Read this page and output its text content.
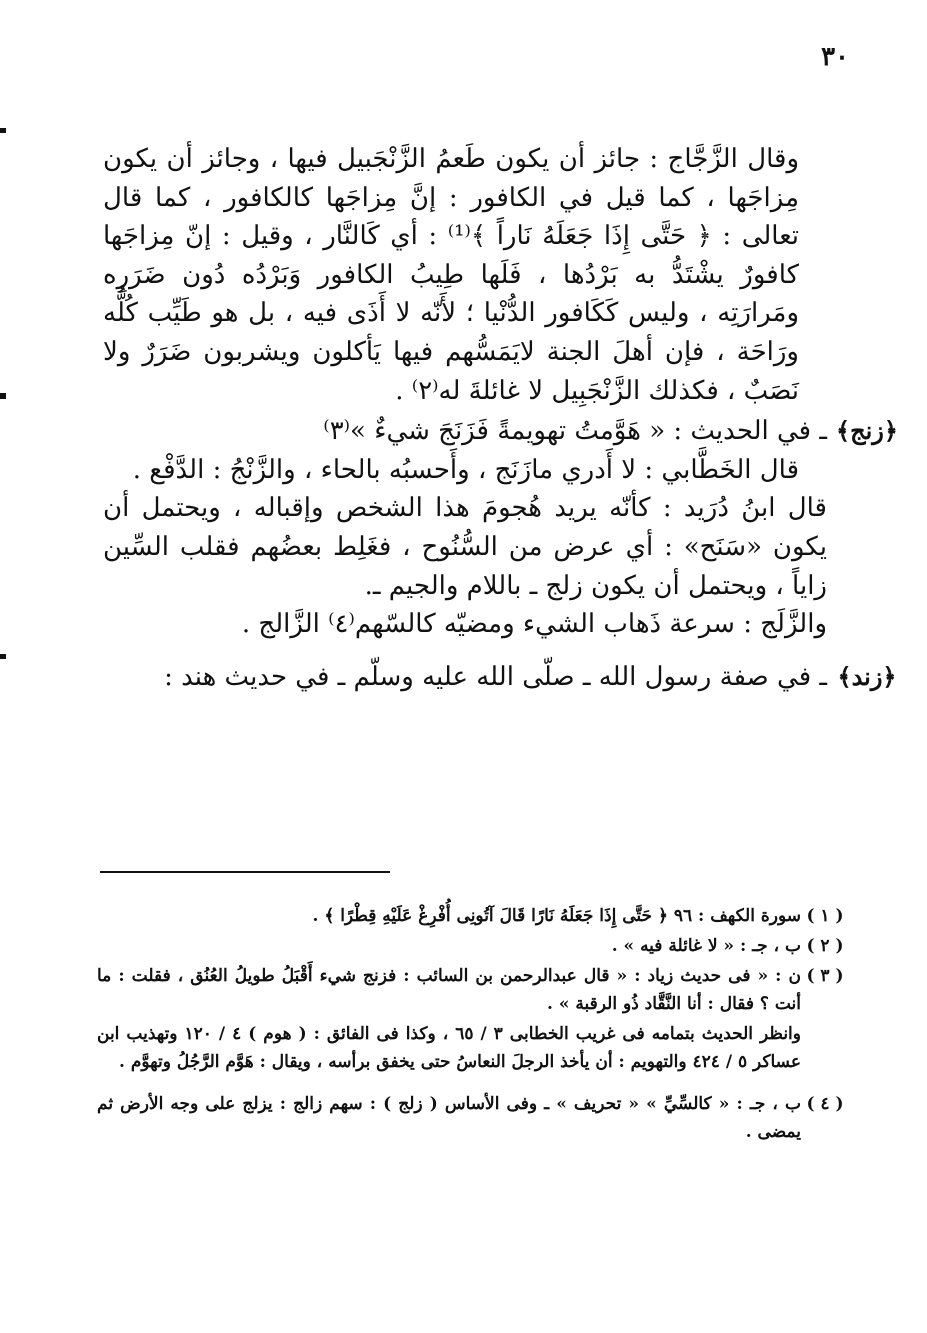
٣٠

وقال الزَّجَّاج : جائز أن يكون طَعمُ الزَّنْجَبيل فيها ، وجائز أن يكون مِزاجَها ، كما قيل في الكافور : إنَّ مِزاجَها كالكافور ، كما قال تعالى : ﴿ حَتَّى إِذَا جَعَلَهُ نَاراً ﴾⁽¹⁾ : أي كَالنَّار ، وقيل : إنّ مِزاجَها كافورٌ يشْتَدُّ به بَرْدُها ، فَلَها طِيبُ الكافور وَبَرْدُه دُون ضَرَرِه ومَرارَتِه ، وليس كَكَافور الدُّنْيا ؛ لأَنّه لا أَذَى فيه ، بل هو طَيِّب كُلُّه ورَاحَة ، فإن أهلَ الجنة لايَمَسُّهم فيها يَأكلون ويشربون ضَرَرٌ ولا نَصَبٌ ، فكذلك الزَّنْجَبِيل لا غائلةَ له⁽٢⁾ .

﴿زنج﴾

ـ في الحديث : « هَوَّمتُ تهويمةً فَزَنَجَ شيءٌ »⁽٣⁾

قال الخَطَّابي : لا أَدري مازَنَج ، وأَحسبُه بالحاء ، والزَّنْجُ : الدَّفْع .

قال ابنُ دُرَيد : كأنّه يريد هُجومَ هذا الشخص وإقباله ، ويحتمل أن يكون «سَنَح» : أي عرض من السُّنُوح ، فغَلِط بعضُهم فقلب السِّين زاياً ، ويحتمل أن يكون زلج ـ باللام والجيم ـ.

والزَّلَج : سرعة ذَهاب الشيء ومضيّه كالسّهم⁽٤⁾ الزَّالج .

﴿زند﴾

ـ في صفة رسول الله ـ صلّى الله عليه وسلّم ـ في حديث هند :

( ١ )
سورة الكهف : ٩٦ ﴿ حَتَّى إِذَا جَعَلَهُ نَارًا قَالَ آتُونِى أُفْرِغْ عَلَيْهِ قِطْرًا ﴾ .
( ٢ )
ب ، جـ : « لا غائلة فيه » .
( ٣ )
ن : « فى حديث زياد : « قال عبدالرحمن بن السائب : فزنج شيء أَقْبَلُ طويلُ العُنُق ، فقلت : ما أنت ؟ فقال : أنا النَّقَّاد ذُو الرقبة » .
وانظر الحديث بتمامه فى غريب الخطابى ٣ / ٦٥ ، وكذا فى الفائق : ( هوم ) ٤ / ١٢٠ وتهذيب ابن عساكر ٥ / ٤٢٤ والتهويم : أن يأخذ الرجلَ النعاسُ حتى يخفق برأسه ، ويقال : هَوَّم الرَّجُلُ وتهوَّم .
( ٤ )
ب ، جـ : « كالسِّيِّ » « تحريف » ـ وفى الأساس ( زلج ) : سهم زالج : يزلج على وجه الأرض ثم يمضى .
